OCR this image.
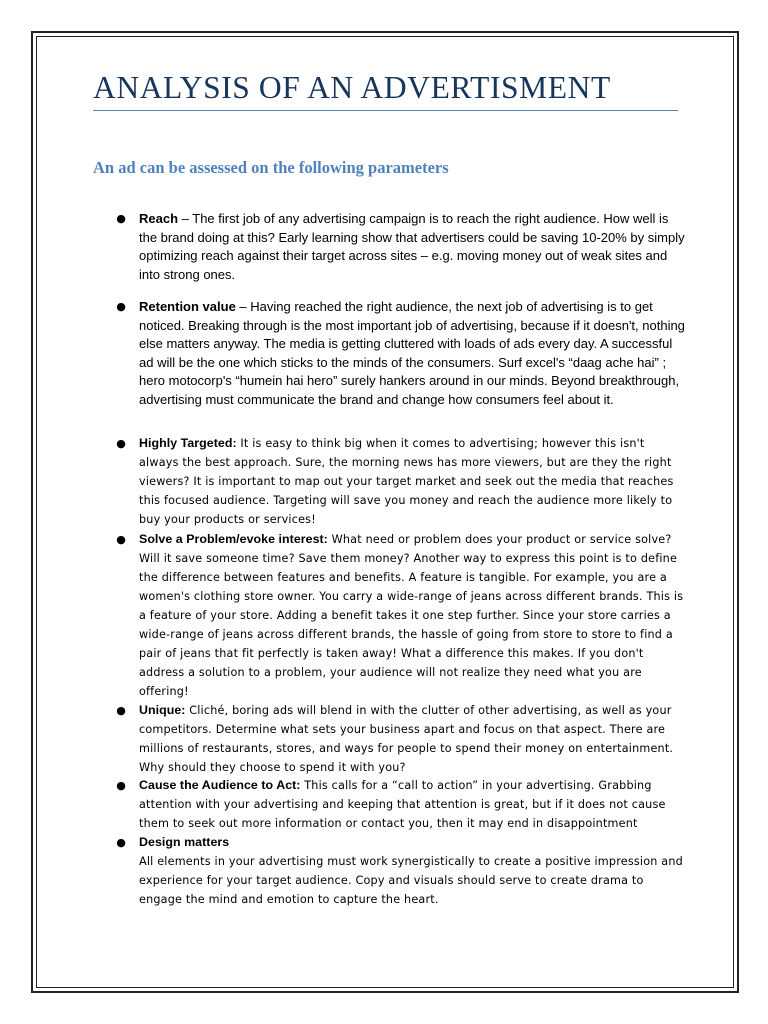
ANALYSIS OF AN ADVERTISMENT
An ad can be assessed on the following parameters
● Reach – The first job of any advertising campaign is to reach the right audience. How well is the brand doing at this? Early learning show that advertisers could be saving 10-20% by simply optimizing reach against their target across sites – e.g. moving money out of weak sites and into strong ones.
● Retention value – Having reached the right audience, the next job of advertising is to get noticed. Breaking through is the most important job of advertising, because if it doesn't, nothing else matters anyway. The media is getting cluttered with loads of ads every day. A successful ad will be the one which sticks to the minds of the consumers. Surf excel's “daag ache hai” ; hero motocorp's “humein hai hero” surely hankers around in our minds. Beyond breakthrough, advertising must communicate the brand and change how consumers feel about it.
● Highly Targeted: It is easy to think big when it comes to advertising; however this isn't always the best approach. Sure, the morning news has more viewers, but are they the right viewers? It is important to map out your target market and seek out the media that reaches this focused audience. Targeting will save you money and reach the audience more likely to buy your products or services!
● Solve a Problem/evoke interest: What need or problem does your product or service solve? Will it save someone time? Save them money? Another way to express this point is to define the difference between features and benefits. A feature is tangible. For example, you are a women's clothing store owner. You carry a wide-range of jeans across different brands. This is a feature of your store. Adding a benefit takes it one step further. Since your store carries a wide-range of jeans across different brands, the hassle of going from store to store to find a pair of jeans that fit perfectly is taken away! What a difference this makes. If you don't address a solution to a problem, your audience will not realize they need what you are offering!
● Unique: Cliché, boring ads will blend in with the clutter of other advertising, as well as your competitors. Determine what sets your business apart and focus on that aspect. There are millions of restaurants, stores, and ways for people to spend their money on entertainment. Why should they choose to spend it with you?
● Cause the Audience to Act: This calls for a “call to action” in your advertising. Grabbing attention with your advertising and keeping that attention is great, but if it does not cause them to seek out more information or contact you, then it may end in disappointment
● Design matters
All elements in your advertising must work synergistically to create a positive impression and experience for your target audience. Copy and visuals should serve to create drama to engage the mind and emotion to capture the heart.
